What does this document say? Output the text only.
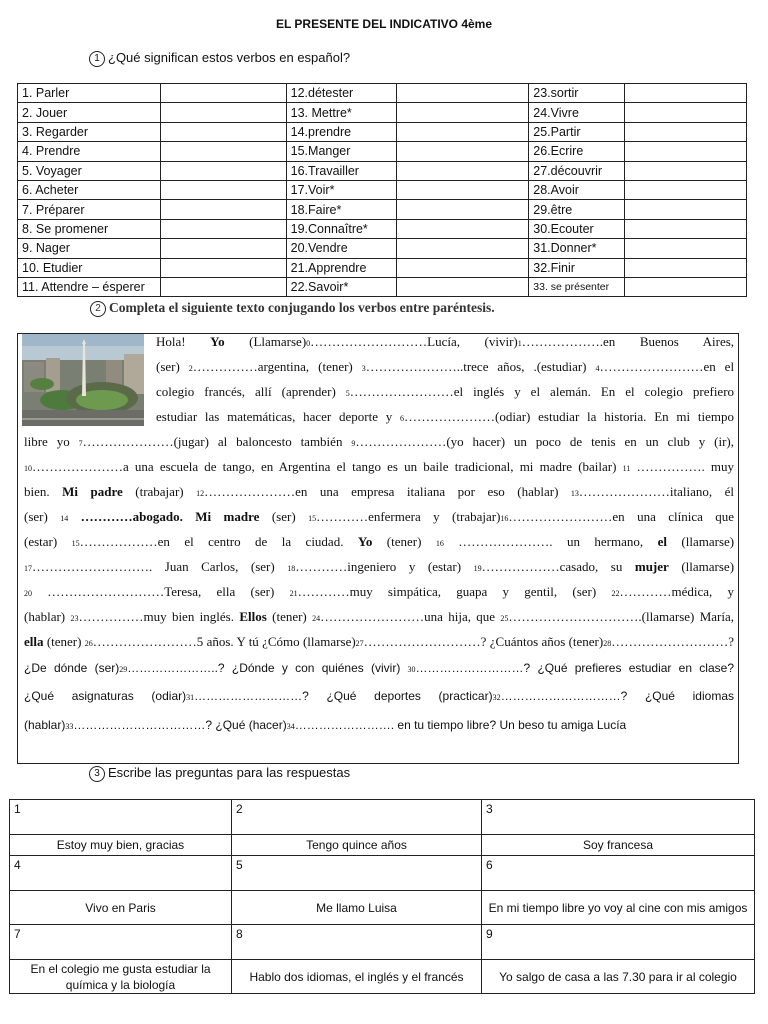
EL PRESENTE DEL INDICATIVO 4ème
1 ¿Qué significan estos verbos en español?
1. Parler		12.détester		23.sortir	
2. Jouer		13. Mettre*		24.Vivre	
3. Regarder		14.prendre		25.Partir	
4. Prendre		15.Manger		26.Ecrire	
5. Voyager		16.Travailler		27.découvrir	
6. Acheter		17.Voir*		28.Avoir	
7. Préparer		18.Faire*		29.être	
8. Se promener		19.Connaître*		30.Ecouter	
9. Nager		20.Vendre		31.Donner*	
10. Etudier		21.Apprendre		32.Finir	
11. Attendre – ésperer		22.Savoir*		33. se présenter	
2 Completa el siguiente texto conjugando los verbos entre paréntesis.
Hola! Yo (Llamarse)0………………………Lucía, (vivir)1……………….en Buenos Aires,
(ser) 2……………argentina, (tener) 3…………………..trece años, .(estudiar) 4……………………en el
colegio francés, allí (aprender) 5……………………el inglés y el alemán. En el colegio prefiero
estudiar las matemáticas, hacer deporte y 6…………………(odiar) estudiar la historia. En mi tiempo
libre yo 7…………………(jugar) al baloncesto también 9…………………(yo hacer) un poco de tenis en un club y (ir),
10…………………a una escuela de tango, en Argentina el tango es un baile tradicional, mi madre (bailar) 11 ……………. muy
bien. Mi padre (trabajar) 12…………………en una empresa italiana por eso (hablar) 13…………………italiano, él
(ser) 14 …………abogado. Mi madre (ser) 15…………enfermera y (trabajar)16……………………en una clínica que
(estar) 15………………en el centro de la ciudad. Yo (tener) 16 …………………. un hermano, el (llamarse)
17………………………. Juan Carlos, (ser) 18…………ingeniero y (estar) 19………………casado, su mujer (llamarse)
20 ………………………Teresa, ella (ser) 21…………muy simpática, guapa y gentil, (ser) 22…………médica, y
(hablar) 23……………muy bien inglés. Ellos (tener) 24……………………una hija, que 25………………………….(llamarse) María,
ella (tener) 26……………………5 años. Y tú ¿Cómo (llamarse)27………………………? ¿Cuántos años (tener)28………………………?
¿De dónde (ser)29…………………..? ¿Dónde y con quiénes (vivir) 30………………………? ¿Qué prefieres estudiar en clase?
¿Qué asignaturas (odiar)31………………………? ¿Qué deportes (practicar)32…………………………? ¿Qué idiomas
(hablar)33……………………………? ¿Qué (hacer)34……………………. en tu tiempo libre? Un beso tu amiga Lucía
3 Escribe las preguntas para las respuestas
1	2	3
Estoy muy bien, gracias	Tengo quince años	Soy francesa
4	5	6
Vivo en Paris	Me llamo Luisa	En mi tiempo libre yo voy al cine con mis amigos
7	8	9
En el colegio me gusta estudiar la química y la biología	Hablo dos idiomas, el inglés y el francés	Yo salgo de casa a las 7.30 para ir al colegio
